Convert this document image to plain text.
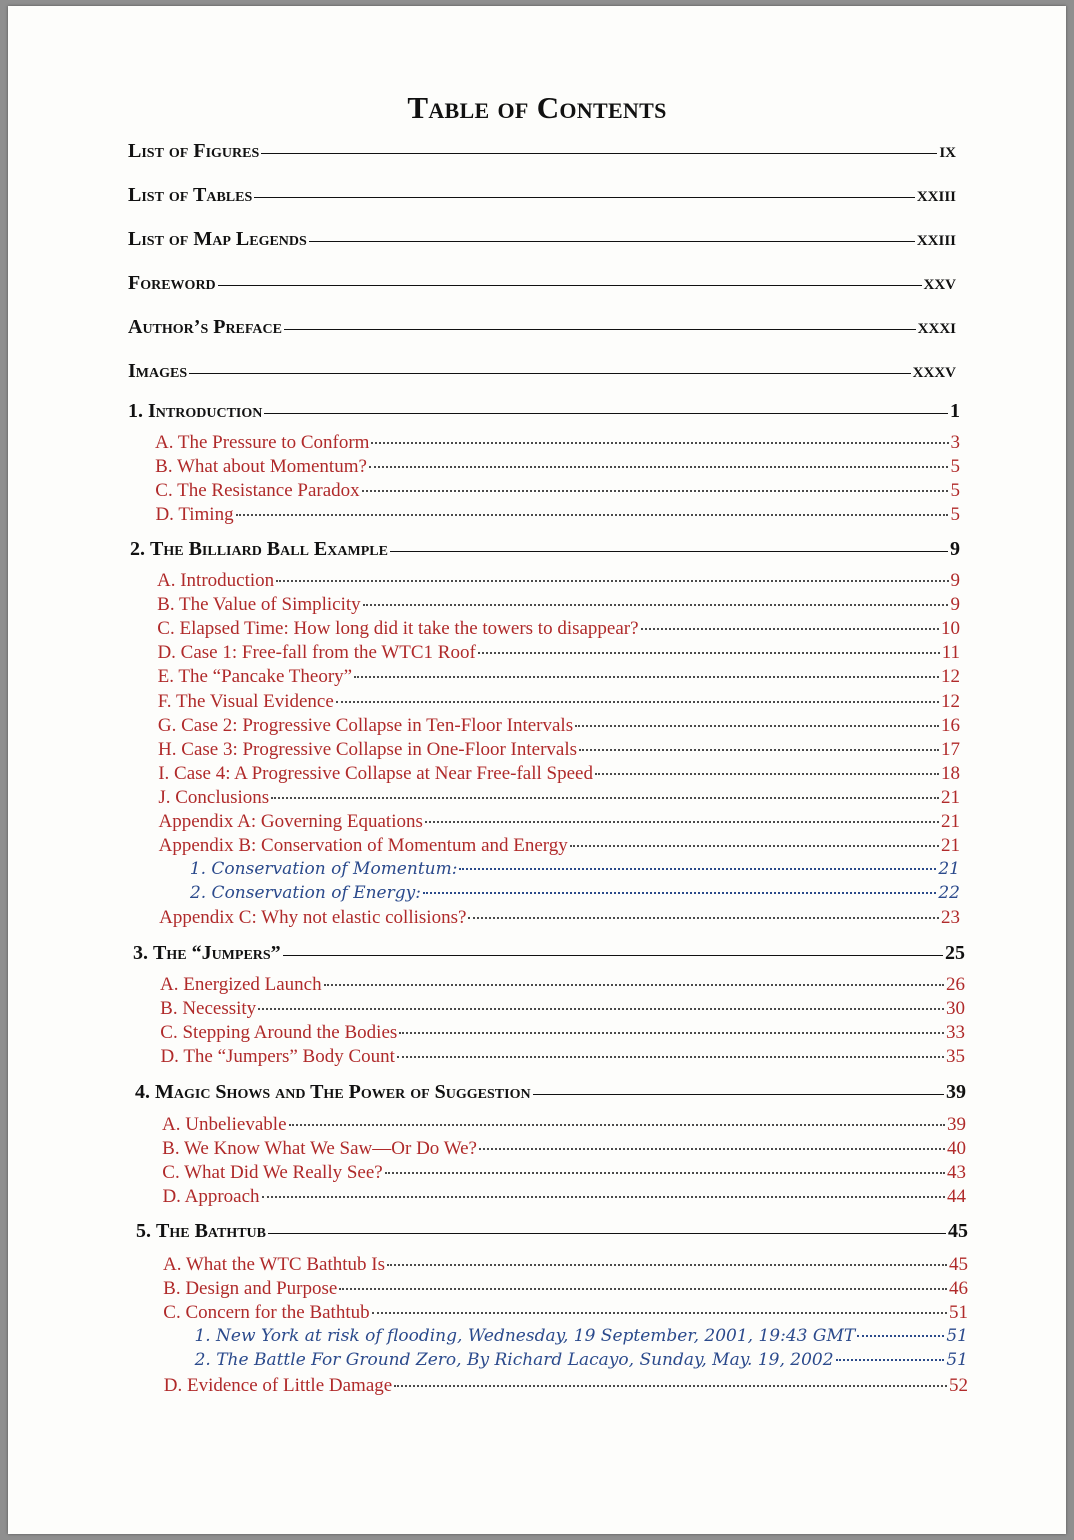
Table of Contents
List of Figures	IX
List of Tables	XXIII
List of Map Legends	XXIII
Foreword	XXV
Author’s Preface	XXXI
Images	XXXV
1. Introduction	1
A. The Pressure to Conform	3
B. What about Momentum?	5
C. The Resistance Paradox	5
D. Timing	5
2. The Billiard Ball Example	9
A. Introduction	9
B. The Value of Simplicity	9
C. Elapsed Time: How long did it take the towers to disappear?	10
D. Case 1: Free-fall from the WTC1 Roof	11
E. The “Pancake Theory”	12
F. The Visual Evidence	12
G. Case 2: Progressive Collapse in Ten-Floor Intervals	16
H. Case 3: Progressive Collapse in One-Floor Intervals	17
I. Case 4: A Progressive Collapse at Near Free-fall Speed	18
J. Conclusions	21
Appendix A: Governing Equations	21
Appendix B: Conservation of Momentum and Energy	21
1. Conservation of Momentum:	21
2. Conservation of Energy:	22
Appendix C: Why not elastic collisions?	23
3. The “Jumpers”	25
A. Energized Launch	26
B. Necessity	30
C. Stepping Around the Bodies	33
D. The “Jumpers” Body Count	35
4. Magic Shows and The Power of Suggestion	39
A. Unbelievable	39
B. We Know What We Saw—Or Do We?	40
C. What Did We Really See?	43
D. Approach	44
5. The Bathtub	45
A. What the WTC Bathtub Is	45
B. Design and Purpose	46
C. Concern for the Bathtub	51
1. New York at risk of flooding, Wednesday, 19 September, 2001, 19:43 GMT	51
2. The Battle For Ground Zero, By Richard Lacayo, Sunday, May. 19, 2002	51
D. Evidence of Little Damage	52
